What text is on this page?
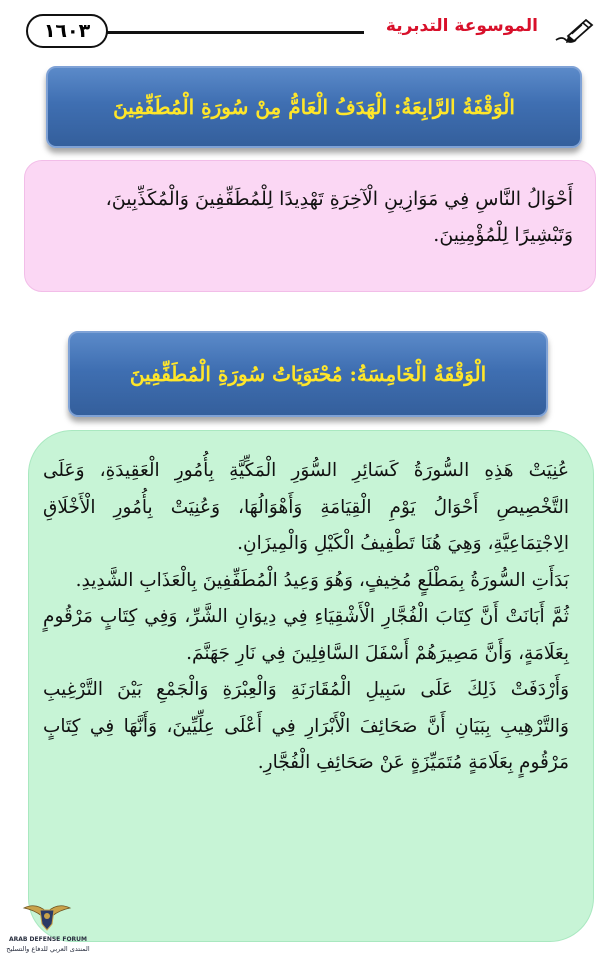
١٦٠٣	الموسوعة التدبرية
الْوَقْفَةُ الرَّابِعَةُ: الْهَدَفُ الْعَامُّ مِنْ سُورَةِ الْمُطَفِّفِينَ

أَحْوَالُ النَّاسِ فِي مَوَازِينِ الْآخِرَةِ تَهْدِيدًا لِلْمُطَفِّفِينَ وَالْمُكَذِّبِينَ، وَتَبْشِيرًا لِلْمُؤْمِنِينَ.

الْوَقْفَةُ الْخَامِسَةُ: مُحْتَوَيَاتُ سُورَةِ الْمُطَفِّفِينَ

عُنِيَتْ هَذِهِ السُّورَةُ كَسَائِرِ السُّوَرِ الْمَكِّيَّةِ بِأُمُورِ الْعَقِيدَةِ، وَعَلَى التَّخْصِيصِ أَحْوَالُ يَوْمِ الْقِيَامَةِ وَأَهْوَالُهَا، وَعُنِيَتْ بِأُمُورِ الْأَخْلَاقِ الِاجْتِمَاعِيَّةِ، وَهِيَ هُنَا تَطْفِيفُ الْكَيْلِ وَالْمِيزَانِ.

بَدَأَتِ السُّورَةُ بِمَطْلَعٍ مُخِيفٍ، وَهُوَ وَعِيدُ الْمُطَفِّفِينَ بِالْعَذَابِ الشَّدِيدِ.

ثُمَّ أَبَانَتْ أَنَّ كِتَابَ الْفُجَّارِ الْأَشْقِيَاءِ فِي دِيوَانِ الشَّرِّ، وَفِي كِتَابٍ مَرْقُومٍ بِعَلَامَةٍ، وَأَنَّ مَصِيرَهُمْ أَسْفَلَ السَّافِلِينَ فِي نَارِ جَهَنَّمَ.

وَأَرْدَفَتْ ذَلِكَ عَلَى سَبِيلِ الْمُقَارَنَةِ وَالْعِبْرَةِ وَالْجَمْعِ بَيْنَ التَّرْغِيبِ وَالتَّرْهِيبِ بِبَيَانِ أَنَّ صَحَائِفَ الْأَبْرَارِ فِي أَعْلَى عِلِّيِّينَ، وَأَنَّهَا فِي كِتَابٍ مَرْقُومٍ بِعَلَامَةٍ مُتَمَيِّزَةٍ عَنْ صَحَائِفِ الْفُجَّارِ.

ARAB DEFENSE FORUM
المنتدى العربي للدفاع والتسليح
